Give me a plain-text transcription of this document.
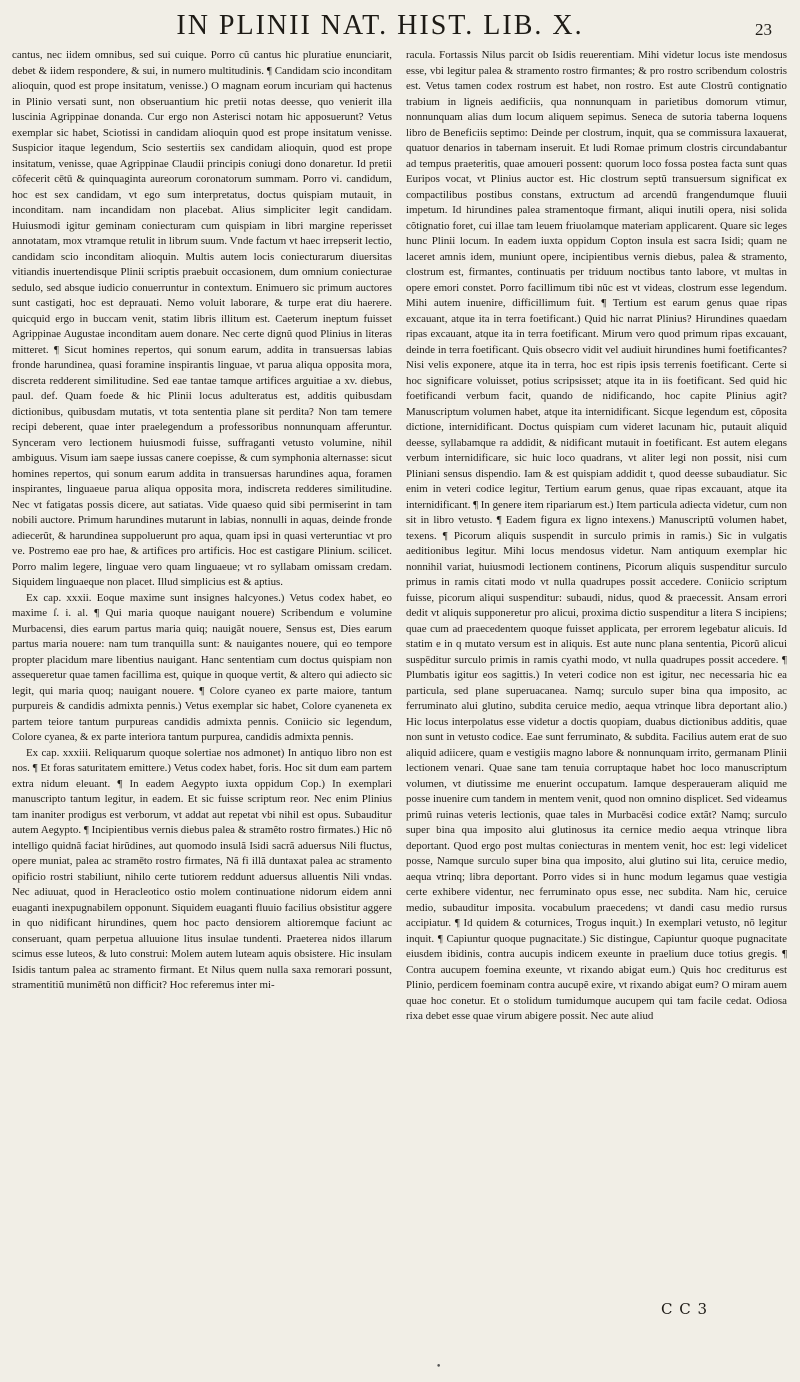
IN PLINII NAT. HIST. LIB. X.	23

cantus, nec iidem omnibus, sed sui cuique. Porro cũ cantus hic pluratiue enunciarit, debet & iidem respondere, & sui, in numero multitudinis. ¶ Candidam scio inconditam alioquin, quod est prope insitatum, venisse.) O magnam eorum incuriam qui hactenus in Plinio versati sunt, non obseruantium hic pretii notas deesse, quo venierit illa luscinia Agrippinae donanda. Cur ergo non Asterisci notam hic apposuerunt? Vetus exemplar sic habet, Sciotissi in candidam alioquin quod est prope insitatum venisse. Suspicior itaque legendum, Scio sestertiis sex candidam alioquin, quod est prope insitatum, venisse, quae Agrippinae Claudii principis coniugi dono donaretur. Id pretii cõfecerit cētū & quinquaginta aureorum coronatorum summam. Porro vi. candidum, hoc est sex candidam, vt ego sum interpretatus, doctus quispiam mutauit, in inconditam. nam incandidam non placebat. Alius simpliciter legit candidam. Huiusmodi igitur geminam coniecturam cum quispiam in libri margine reperisset annotatam, mox vtramque retulit in librum suum. Vnde factum vt haec irrepserit lectio, candidam scio inconditam alioquin. Multis autem locis coniecturarum diuersitas vitiandis inuertendisque Plinii scriptis praebuit occasionem, dum omnium coniecturae sedulo, sed absque iudicio conuerruntur in contextum. Enimuero sic primum auctores sunt castigati, hoc est deprauati. Nemo voluit laborare, & turpe erat diu haerere. quicquid ergo in buccam venit, statim libris illitum est. Caeterum ineptum fuisset Agrippinae Augustae inconditam auem donare. Nec certe dignũ quod Plinius in literas mitteret. ¶ Sicut homines repertos, qui sonum earum, addita in transuersas labias fronde harundinea, quasi foramine inspirantis linguae, vt parua aliqua opposita mora, discreta redderent similitudine. Sed eae tantae tamque artifices arguitiae a xv. diebus, paul. def. Quam foede & hic Plinii locus adulteratus est, additis quibusdam dictionibus, quibusdam mutatis, vt tota sententia plane sit perdita? Non tam temere recipi deberent, quae inter praelegendum a professoribus nonnunquam afferuntur. Synceram vero lectionem huiusmodi fuisse, suffraganti vetusto volumine, nihil ambiguus. Visum iam saepe iussas canere coepisse, & cum symphonia alternasse: sicut homines repertos, qui sonum earum addita in transuersas harundines aqua, foramen inspirantes, linguaeue parua aliqua opposita mora, indiscreta redderes similitudine. Nec vt fatigatas possis dicere, aut satiatas. Vide quaeso quid sibi permiserint in tam nobili auctore. Primum harundines mutarunt in labias, nonnulli in aquas, deinde fronde adiecerũt, & harundinea suppoluerunt pro aqua, quam ipsi in quasi verteruntiac vt pro ve. Postremo eae pro hae, & artifices pro artificis. Hoc est castigare Plinium. scilicet. Porro malim legere, linguae vero quam linguaeue; vt ro syllabam omissam credam. Siquidem linguaeque non placet. Illud simplicius est & aptius.

Ex cap. xxxii. Eoque maxime sunt insignes halcyones.) Vetus codex habet, eo maxime ſ. i. al. ¶ Qui maria quoque nauigant nouere) Scribendum e volumine Murbacensi, dies earum partus maria quiq; nauigăt nouere, Sensus est, Dies earum partus maria nouere: nam tum tranquilla sunt: & nauigantes nouere, qui eo tempore propter placidum mare libentius nauigant. Hanc sententiam cum doctus quispiam non assequeretur quae tamen facillima est, quique in quoque vertit, & altero qui adiecto sic legit, qui maria quoq; nauigant nouere. ¶ Colore cyaneo ex parte maiore, tantum purpureis & candidis admixta pennis.) Vetus exemplar sic habet, Colore cyaneneta ex partem teiore tantum purpureas candidis admixta pennis. Coniicio sic legendum, Colore cyanea, & ex parte interiora tantum purpurea, candidis admixta pennis.

Ex cap. xxxiii. Reliquarum quoque solertiae nos admonet) In antiquo libro non est nos. ¶ Et foras saturitatem emittere.) Vetus codex habet, foris. Hoc sit dum eam partem extra nidum eleuant. ¶ In eadem Aegypto iuxta oppidum Cop.) In exemplari manuscripto tantum legitur, in eadem. Et sic fuisse scriptum reor. Nec enim Plinius tam inaniter prodigus est verborum, vt addat aut repetat vbi nihil est opus. Subauditur autem Aegypto. ¶ Incipientibus vernis diebus palea & stramẽto rostro firmates.) Hic nõ intelligo quidnã faciat hirũdines, aut quomodo insulã Isidi sacrã aduersus Nili fluctus, opere muniat, palea ac stramēto rostro firmates, Nã fi illã duntaxat palea ac stramento opificio rostri stabiliunt, nihilo certe tutiorem reddunt aduersus alluentis Nili vndas. Nec adiuuat, quod in Heracleotico ostio molem continuatione nidorum eidem anni euaganti inexpugnabilem opponunt. Siquidem euaganti fluuio facilius obsistitur aggere in quo nidificant hirundines, quem hoc pacto densiorem altioremque faciunt ac conseruant, quam perpetua alluuione litus insulae tundenti. Praeterea nidos illarum scimus esse luteos, & luto construi: Molem autem luteam aquis obsistere. Hic insulam Isidis tantum palea ac stramento firmant. Et Nilus quem nulla saxa remorari possunt, stramentitiũ munimētũ non difficit? Hoc referemus inter mi-

racula. Fortassis Nilus parcit ob Isidis reuerentiam. Mihi videtur locus iste mendosus esse, vbi legitur palea & stramento rostro firmantes; & pro rostro scribendum colostris est. Vetus tamen codex rostrum est habet, non rostro. Est aute Clostrũ contignatio trabium in ligneis aedificiis, qua nonnunquam in parietibus domorum vtimur, nonnunquam alias dum locum aliquem sepimus. Seneca de sutoria taberna loquens libro de Beneficiis septimo: Deinde per clostrum, inquit, qua se commissura laxauerat, quatuor denarios in tabernam inseruit. Et ludi Romae primum clostris circundabantur ad tempus praeteritis, quae amoueri possent: quorum loco fossa postea facta sunt quas Euripos vocat, vt Plinius auctor est. Hic clostrum septũ transuersum significat ex compactilibus postibus constans, extructum ad arcendũ frangendumque fluuii impetum. Id hirundines palea stramentoque firmant, aliqui inutili opera, nisi solida cõtignatio foret, cui illae tam leuem friuolamque materiam applicarent. Quare sic leges hunc Plinii locum. In eadem iuxta oppidum Copton insula est sacra Isidi; quam ne laceret amnis idem, muniunt opere, incipientibus vernis diebus, palea & stramento, clostrum est, firmantes, continuatis per triduum noctibus tanto labore, vt multas in opere emori constet. Porro facillimum tibi nũc est vt videas, clostrum esse legendum. Mihi autem inuenire, difficillimum fuit. ¶ Tertium est earum genus quae ripas excauant, atque ita in terra foetificant.) Quid hic narrat Plinius? Hirundines quaedam ripas excauant, atque ita in terra foetificant. Mirum vero quod primum ripas excauant, deinde in terra foetificant. Quis obsecro vidit vel audiuit hirundines humi foetificantes? Nisi velis exponere, atque ita in terra, hoc est ripis ipsis terrenis foetificant. Certe si hoc significare voluisset, potius scripsisset; atque ita in iis foetificant. Sed quid hic foetificandi verbum facit, quando de nidificando, hoc capite Plinius agit? Manuscriptum volumen habet, atque ita internidificant. Sicque legendum est, cõposita dictione, internidificant. Doctus quispiam cum videret lacunam hic, putauit aliquid deesse, syllabamque ra addidit, & nidificant mutauit in foetificant. Est autem elegans verbum internidificare, sic huic loco quadrans, vt aliter legi non possit, nisi cum Pliniani sensus dispendio. Iam & est quispiam addidit t, quod deesse subaudiatur. Sic enim in veteri codice legitur, Tertium earum genus, quae ripas excauant, atque ita internidificant. ¶ In genere item ripariarum est.) Item particula adiecta videtur, cum non sit in libro vetusto. ¶ Eadem figura ex ligno intexens.) Manuscriptũ volumen habet, texens. ¶ Picorum aliquis suspendit in surculo primis in ramis.) Sic in vulgatis aeditionibus legitur. Mihi locus mendosus videtur. Nam antiquum exemplar hic nonnihil variat, huiusmodi lectionem continens, Picorum aliquis suspenditur surculo primus in ramis citati modo vt nulla quadrupes possit accedere. Coniicio scriptum fuisse, picorum aliqui suspenditur: subaudi, nidus, quod & praecessit. Ansam errori dedit vt aliquis supponeretur pro alicui, proxima dictio suspenditur a litera S incipiens; quae cum ad praecedentem quoque fuisset applicata, per errorem legebatur alicuis. Id statim e in q mutato versum est in aliquis. Est aute nunc plana sententia, Picorũ alicui suspēditur surculo primis in ramis cyathi modo, vt nulla quadrupes possit accedere. ¶ Plumbatis igitur eos sagittis.) In veteri codice non est igitur, nec necessaria hic ea particula, sed plane superuacanea. Namq; surculo super bina qua imposito, ac ferruminato alui glutino, subdita ceruice medio, aequa vtrinque libra deportant alio.) Hic locus interpolatus esse videtur a doctis quopiam, duabus dictionibus additis, quae non sunt in vetusto codice. Eae sunt ferruminato, & subdita. Facilius autem erat de suo aliquid adiicere, quam e vestigiis magno labore & nonnunquam irrito, germanam Plinii lectionem venari. Quae sane tam tenuia corruptaque habet hoc loco manuscriptum volumen, vt diutissime me enuerint occupatum. Iamque desperaueram aliquid me posse inuenire cum tandem in mentem venit, quod non omnino displicet. Sed videamus primũ ruinas veteris lectionis, quae tales in Murbacēsi codice extãt? Namq; surculo super bina qua imposito alui glutinosus ita cernice medio aequa vtrinque libra deportant. Quod ergo post multas coniecturas in mentem venit, hoc est: legi videlicet posse, Namque surculo super bina qua imposito, alui glutino sui lita, ceruice medio, aequa vtrinq; libra deportant. Porro vides si in hunc modum legamus quae vestigia certe exhibere videntur, nec ferruminato opus esse, nec subdita. Nam hic, ceruice medio, subauditur imposita. vocabulum praecedens; vt dandi casu medio rursus accipiatur. ¶ Id quidem & coturnices, Trogus inquit.) In exemplari vetusto, nõ legitur inquit. ¶ Capiuntur quoque pugnacitate.) Sic distingue, Capiuntur quoque pugnacitate eiusdem ibidinis, contra aucupis indicem exeunte in praelium duce totius gregis. ¶ Contra aucupem foemina exeunte, vt rixando abigat eum.) Quis hoc crediturus est Plinio, perdicem foeminam contra aucupẽ exire, vt rixando abigat eum? O miram auem quae hoc conetur. Et o stolidum tumidumque aucupem qui tam facile cedat. Odiosa rixa debet esse quae virum abigere possit. Nec aute aliud

C C 3
•
